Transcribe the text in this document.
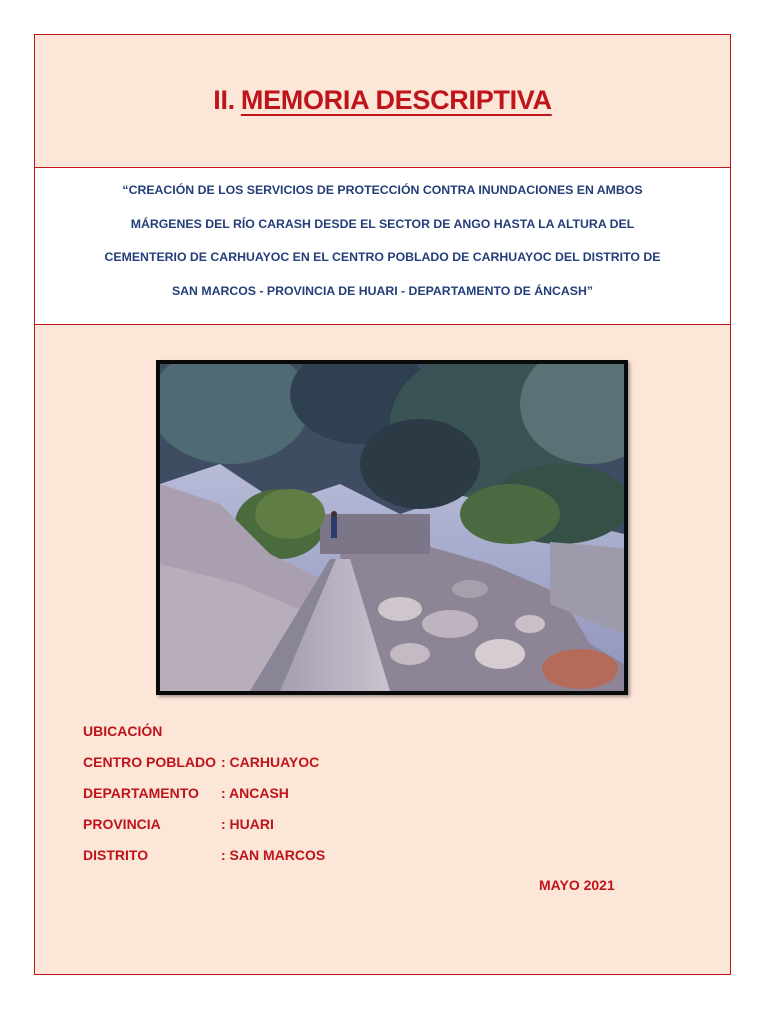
II. MEMORIA DESCRIPTIVA

“CREACIÓN DE LOS SERVICIOS DE PROTECCIÓN CONTRA INUNDACIONES EN AMBOS
MÁRGENES DEL RÍO CARASH DESDE EL SECTOR DE ANGO HASTA LA ALTURA DEL
CEMENTERIO DE CARHUAYOC EN EL CENTRO POBLADO DE CARHUAYOC DEL DISTRITO DE
SAN MARCOS - PROVINCIA DE HUARI - DEPARTAMENTO DE ÁNCASH”

UBICACIÓN
CENTRO POBLADO : CARHUAYOC
DEPARTAMENTO : ANCASH
PROVINCIA	: HUARI
DISTRITO	: SAN MARCOS
MAYO 2021
